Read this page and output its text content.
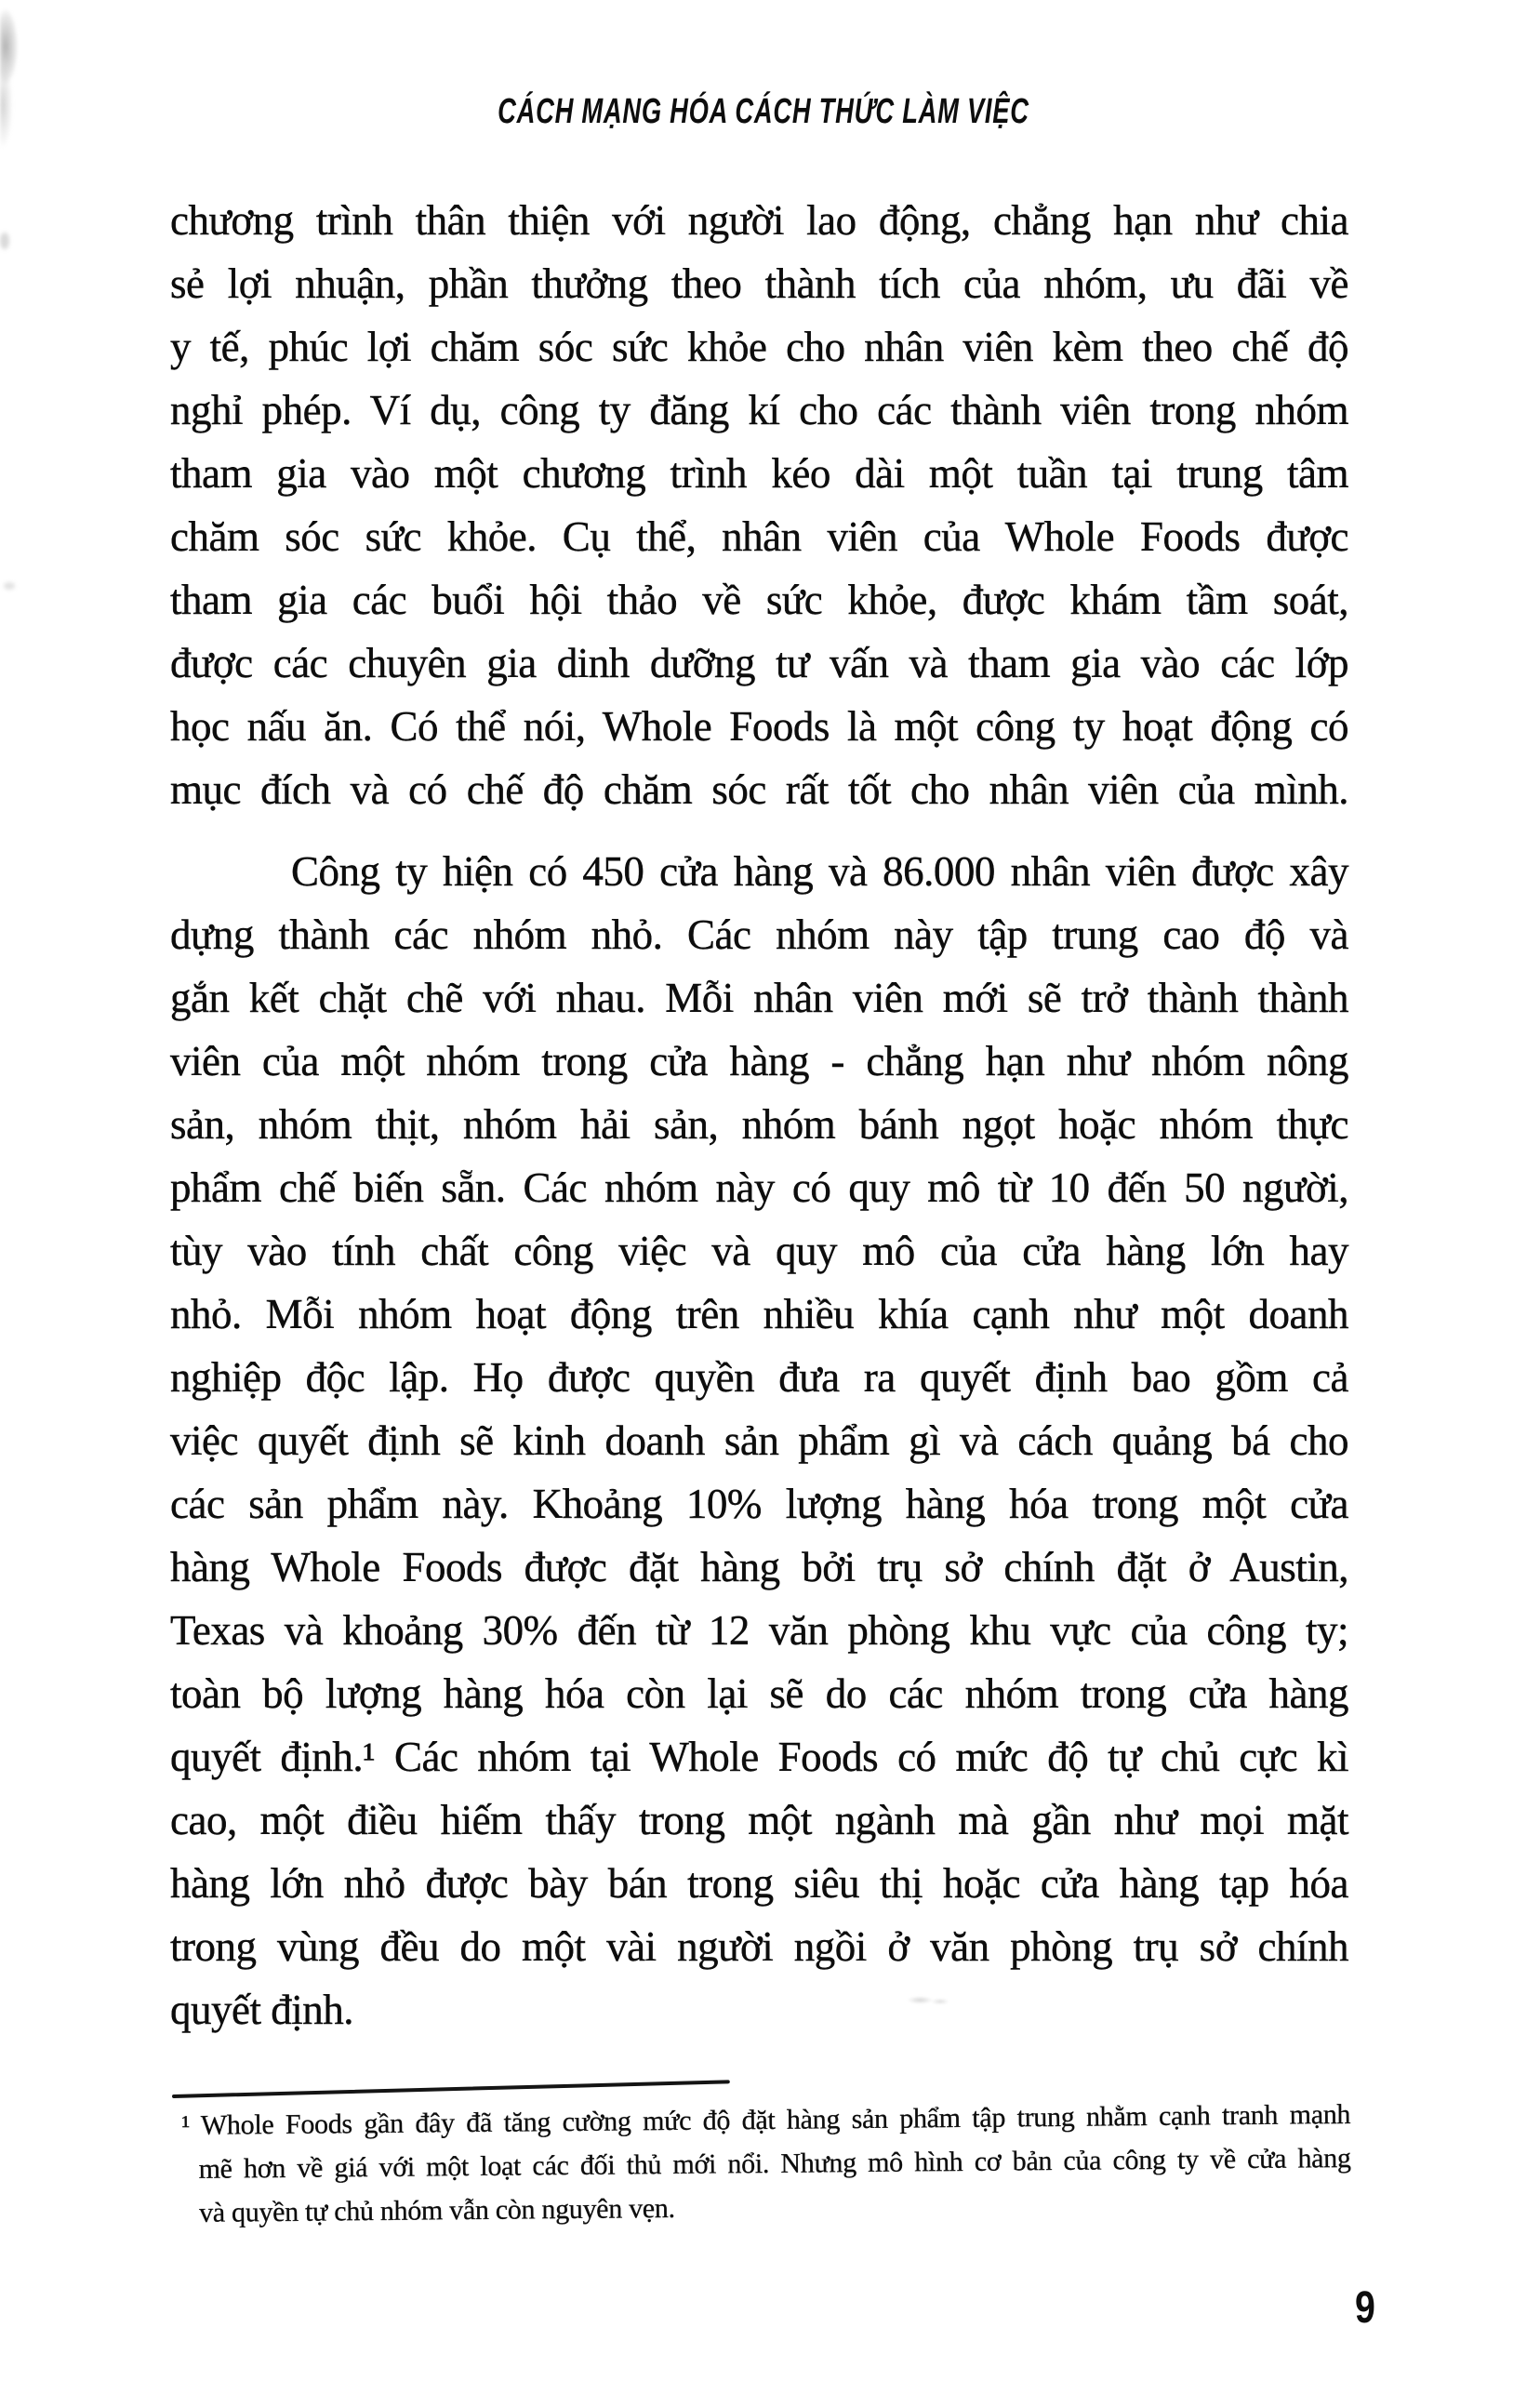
CÁCH MẠNG HÓA CÁCH THỨC LÀM VIỆC
chương trình thân thiện với người lao động, chẳng hạn như chia
sẻ lợi nhuận, phần thưởng theo thành tích của nhóm, ưu đãi về
y tế, phúc lợi chăm sóc sức khỏe cho nhân viên kèm theo chế độ
nghỉ phép. Ví dụ, công ty đăng kí cho các thành viên trong nhóm
tham gia vào một chương trình kéo dài một tuần tại trung tâm
chăm sóc sức khỏe. Cụ thể, nhân viên của Whole Foods được
tham gia các buổi hội thảo về sức khỏe, được khám tầm soát,
được các chuyên gia dinh dưỡng tư vấn và tham gia vào các lớp
học nấu ăn. Có thể nói, Whole Foods là một công ty hoạt động có
mục đích và có chế độ chăm sóc rất tốt cho nhân viên của mình.
Công ty hiện có 450 cửa hàng và 86.000 nhân viên được xây
dựng thành các nhóm nhỏ. Các nhóm này tập trung cao độ và
gắn kết chặt chẽ với nhau. Mỗi nhân viên mới sẽ trở thành thành
viên của một nhóm trong cửa hàng - chẳng hạn như nhóm nông
sản, nhóm thịt, nhóm hải sản, nhóm bánh ngọt hoặc nhóm thực
phẩm chế biến sẵn. Các nhóm này có quy mô từ 10 đến 50 người,
tùy vào tính chất công việc và quy mô của cửa hàng lớn hay
nhỏ. Mỗi nhóm hoạt động trên nhiều khía cạnh như một doanh
nghiệp độc lập. Họ được quyền đưa ra quyết định bao gồm cả
việc quyết định sẽ kinh doanh sản phẩm gì và cách quảng bá cho
các sản phẩm này. Khoảng 10% lượng hàng hóa trong một cửa
hàng Whole Foods được đặt hàng bởi trụ sở chính đặt ở Austin,
Texas và khoảng 30% đến từ 12 văn phòng khu vực của công ty;
toàn bộ lượng hàng hóa còn lại sẽ do các nhóm trong cửa hàng
quyết định.¹ Các nhóm tại Whole Foods có mức độ tự chủ cực kì
cao, một điều hiếm thấy trong một ngành mà gần như mọi mặt
hàng lớn nhỏ được bày bán trong siêu thị hoặc cửa hàng tạp hóa
trong vùng đều do một vài người ngồi ở văn phòng trụ sở chính
quyết định.
¹ Whole Foods gần đây đã tăng cường mức độ đặt hàng sản phẩm tập trung nhằm cạnh tranh mạnh
mẽ hơn về giá với một loạt các đối thủ mới nổi. Nhưng mô hình cơ bản của công ty về cửa hàng
và quyền tự chủ nhóm vẫn còn nguyên vẹn.
9
